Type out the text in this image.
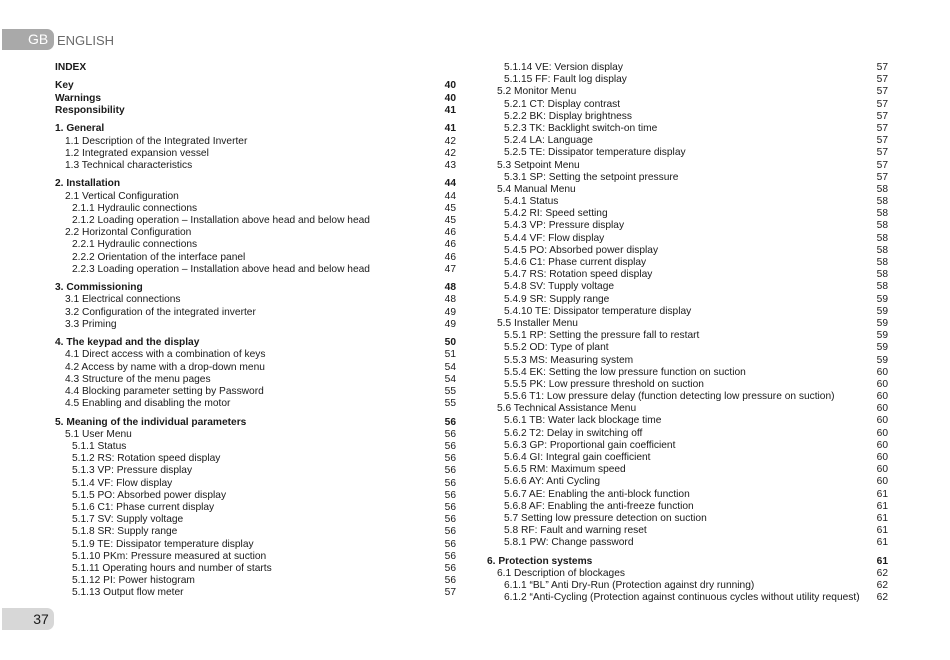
GB ENGLISH
INDEX
Key	40
Warnings	40
Responsibility	41
1. General	41
1.1 Description of the Integrated Inverter	42
1.2 Integrated expansion vessel	42
1.3 Technical characteristics	43
2. Installation	44
2.1 Vertical Configuration	44
2.1.1 Hydraulic connections	45
2.1.2 Loading operation – Installation above head and below head	45
2.2 Horizontal Configuration	46
2.2.1 Hydraulic connections	46
2.2.2 Orientation of the interface panel	46
2.2.3 Loading operation – Installation above head and below head	47
3. Commissioning	48
3.1 Electrical connections	48
3.2 Configuration of the integrated inverter	49
3.3 Priming	49
4. The keypad and the display	50
4.1 Direct access with a combination of keys	51
4.2 Access by name with a drop-down menu	54
4.3 Structure of the menu pages	54
4.4 Blocking parameter setting by Password	55
4.5 Enabling and disabling the motor	55
5. Meaning of the individual parameters	56
5.1 User Menu	56
5.1.1 Status	56
5.1.2 RS: Rotation speed display	56
5.1.3 VP: Pressure display	56
5.1.4 VF: Flow display	56
5.1.5 PO: Absorbed power display	56
5.1.6 C1: Phase current display	56
5.1.7 SV: Supply voltage	56
5.1.8 SR: Supply range	56
5.1.9 TE: Dissipator temperature display	56
5.1.10 PKm: Pressure measured at suction	56
5.1.11 Operating hours and number of starts	56
5.1.12 PI: Power histogram	56
5.1.13 Output flow meter	57
5.1.14 VE: Version display	57
5.1.15 FF: Fault log display	57
5.2 Monitor Menu	57
5.2.1 CT: Display contrast	57
5.2.2 BK: Display brightness	57
5.2.3 TK: Backlight switch-on time	57
5.2.4 LA: Language	57
5.2.5 TE: Dissipator temperature display	57
5.3 Setpoint Menu	57
5.3.1 SP: Setting the setpoint pressure	57
5.4 Manual Menu	58
5.4.1 Status	58
5.4.2 RI: Speed setting	58
5.4.3 VP: Pressure display	58
5.4.4 VF: Flow display	58
5.4.5 PO: Absorbed power display	58
5.4.6 C1: Phase current display	58
5.4.7 RS: Rotation speed display	58
5.4.8 SV: Tupply voltage	58
5.4.9 SR: Supply range	59
5.4.10 TE: Dissipator temperature display	59
5.5 Installer Menu	59
5.5.1 RP: Setting the pressure fall to restart	59
5.5.2 OD: Type of plant	59
5.5.3 MS: Measuring system	59
5.5.4 EK: Setting the low pressure function on suction	60
5.5.5 PK: Low pressure threshold on suction	60
5.5.6 T1: Low pressure delay (function detecting low pressure on suction)	60
5.6 Technical Assistance Menu	60
5.6.1 TB: Water lack blockage time	60
5.6.2 T2: Delay in switching off	60
5.6.3 GP: Proportional gain coefficient	60
5.6.4 GI: Integral gain coefficient	60
5.6.5 RM: Maximum speed	60
5.6.6 AY: Anti Cycling	60
5.6.7 AE: Enabling the anti-block function	61
5.6.8 AF: Enabling the anti-freeze function	61
5.7 Setting low pressure detection on suction	61
5.8 RF: Fault and warning reset	61
5.8.1 PW: Change password	61
6. Protection systems	61
6.1 Description of blockages	62
6.1.1 “BL” Anti Dry-Run (Protection against dry running)	62
6.1.2 “Anti-Cycling (Protection against continuous cycles without utility request) 62
37
